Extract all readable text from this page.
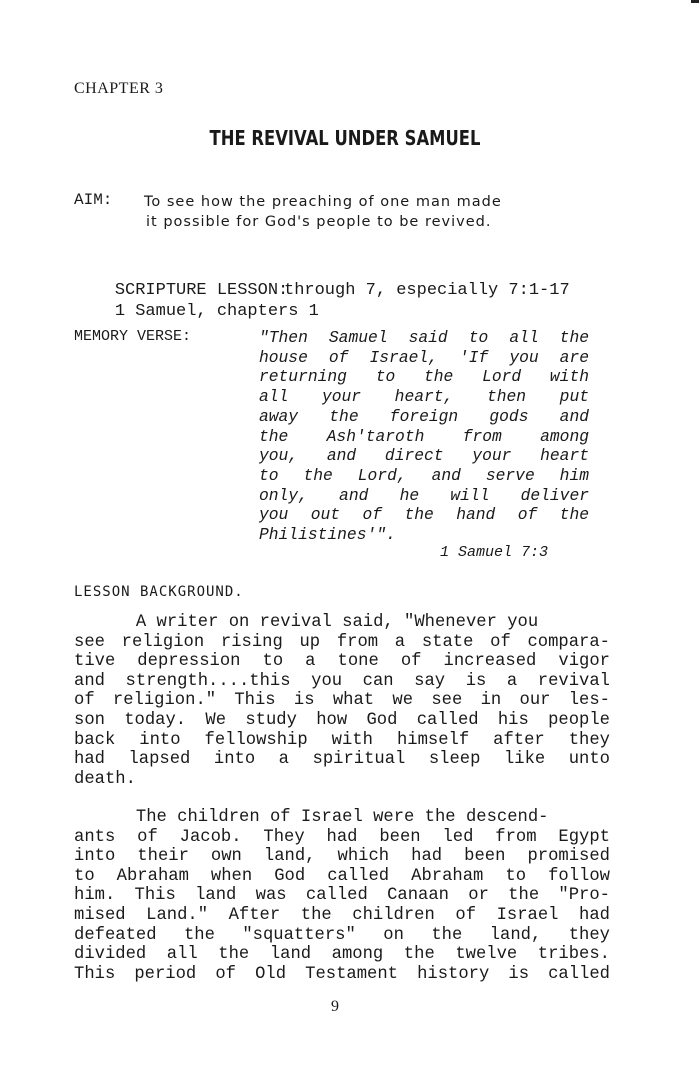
CHAPTER 3
THE REVIVAL UNDER SAMUEL
AIM: To see how the preaching of one man made
it possible for God's people to be revived.

SCRIPTURE LESSON:
1 Samuel, chapters 1

through 7, especially 7:1-17

MEMORY VERSE:	"Then Samuel said to all the
house of Israel, 'If you are
returning to the Lord with
all your heart, then put
away the foreign gods and
the Ash'taroth from among
you, and direct your heart
to the Lord, and serve him
only, and he will deliver
you out of the hand of the
Philistines'".
1 Samuel 7:3
LESSON BACKGROUND.
A writer on revival said, "Whenever you
see religion rising up from a state of compara-
tive depression to a tone of increased vigor
and strength....this you can say is a revival
of religion." This is what we see in our les-
son today. We study how God called his people
back into fellowship with himself after they
had lapsed into a spiritual sleep like unto
death.
The children of Israel were the descend-
ants of Jacob. They had been led from Egypt
into their own land, which had been promised
to Abraham when God called Abraham to follow
him. This land was called Canaan or the "Pro-
mised Land." After the children of Israel had
defeated the "squatters" on the land, they
divided all the land among the twelve tribes.
This period of Old Testament history is called
9
